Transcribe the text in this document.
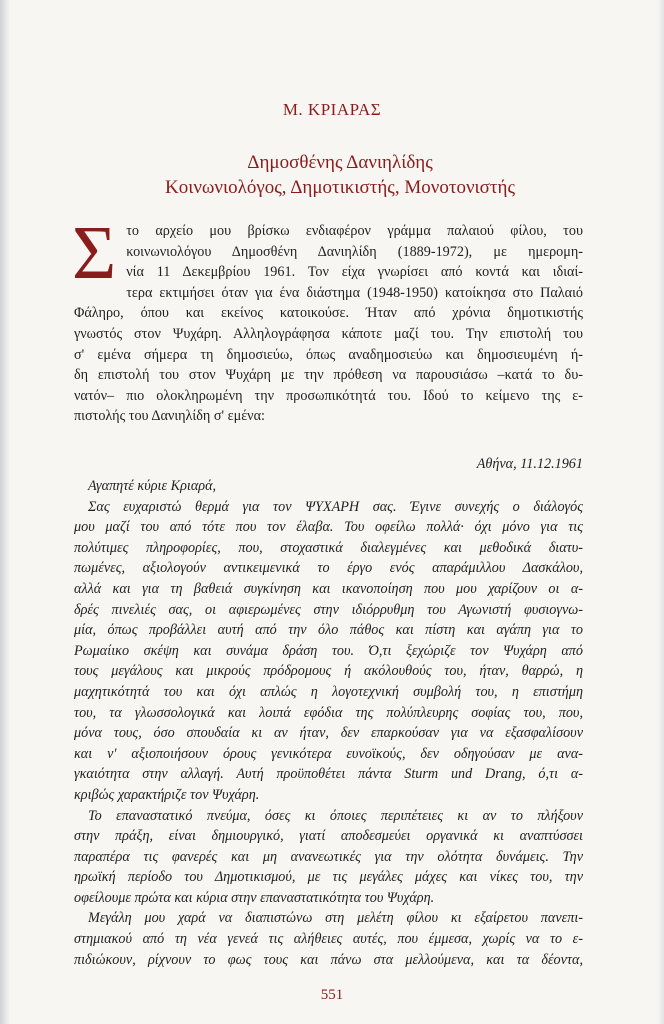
Μ. ΚΡΙΑΡΑΣ
Δημοσθένης Δανιηλίδης
Κοινωνιολόγος, Δημοτικιστής, Μονοτονιστής
Σ το αρχείο μου βρίσκω ενδιαφέρον γράμμα παλαιού φίλου, του
κοινωνιολόγου Δημοσθένη Δανιηλίδη (1889-1972), με ημερομη-
νία 11 Δεκεμβρίου 1961. Τον είχα γνωρίσει από κοντά και ιδιαί-
τερα εκτιμήσει όταν για ένα διάστημα (1948-1950) κατοίκησα στο Παλαιό
Φάληρο, όπου και εκείνος κατοικούσε. Ήταν από χρόνια δημοτικιστής
γνωστός στον Ψυχάρη. Αλληλογράφησα κάποτε μαζί του. Την επιστολή του
σ' εμένα σήμερα τη δημοσιεύω, όπως αναδημοσιεύω και δημοσιευμένη ή-
δη επιστολή του στον Ψυχάρη με την πρόθεση να παρουσιάσω –κατά το δυ-
νατόν– πιο ολοκληρωμένη την προσωπικότητά του. Ιδού το κείμενο της ε-
πιστολής του Δανιηλίδη σ' εμένα:
Αθήνα, 11.12.1961
Αγαπητέ κύριε Κριαρά,
Σας ευχαριστώ θερμά για τον ΨΥΧΑΡΗ σας. Έγινε συνεχής ο διάλογός
μου μαζί του από τότε που τον έλαβα. Του οφείλω πολλά· όχι μόνο για τις
πολύτιμες πληροφορίες, που, στοχαστικά διαλεγμένες και μεθοδικά διατυ-
πωμένες, αξιολογούν αντικειμενικά το έργο ενός απαράμιλλου Δασκάλου,
αλλά και για τη βαθειά συγκίνηση και ικανοποίηση που μου χαρίζουν οι α-
δρές πινελιές σας, οι αφιερωμένες στην ιδιόρρυθμη του Αγωνιστή φυσιογνω-
μία, όπως προβάλλει αυτή από την όλο πάθος και πίστη και αγάπη για το
Ρωμαίικο σκέψη και συνάμα δράση του. Ό,τι ξεχώριζε τον Ψυχάρη από
τους μεγάλους και μικρούς πρόδρομους ή ακόλουθούς του, ήταν, θαρρώ, η
μαχητικότητά του και όχι απλώς η λογοτεχνική συμβολή του, η επιστήμη
του, τα γλωσσολογικά και λοιπά εφόδια της πολύπλευρης σοφίας του, που,
μόνα τους, όσο σπουδαία κι αν ήταν, δεν επαρκούσαν για να εξασφαλίσουν
και ν' αξιοποιήσουν όρους γενικότερα ευνοϊκούς, δεν οδηγούσαν με ανα-
γκαιότητα στην αλλαγή. Αυτή προϋποθέτει πάντα Sturm und Drang, ό,τι α-
κριβώς χαρακτήριζε τον Ψυχάρη.
Το επαναστατικό πνεύμα, όσες κι όποιες περιπέτειες κι αν το πλήξουν
στην πράξη, είναι δημιουργικό, γιατί αποδεσμεύει οργανικά κι αναπτύσσει
παραπέρα τις φανερές και μη ανανεωτικές για την ολότητα δυνάμεις. Την
ηρωϊκή περίοδο του Δημοτικισμού, με τις μεγάλες μάχες και νίκες του, την
οφείλουμε πρώτα και κύρια στην επαναστατικότητα του Ψυχάρη.
Μεγάλη μου χαρά να διαπιστώνω στη μελέτη φίλου κι εξαίρετου πανεπι-
στημιακού από τη νέα γενεά τις αλήθειες αυτές, που έμμεσα, χωρίς να το ε-
πιδιώκουν, ρίχνουν το φως τους και πάνω στα μελλούμενα, και τα δέοντα,
551
